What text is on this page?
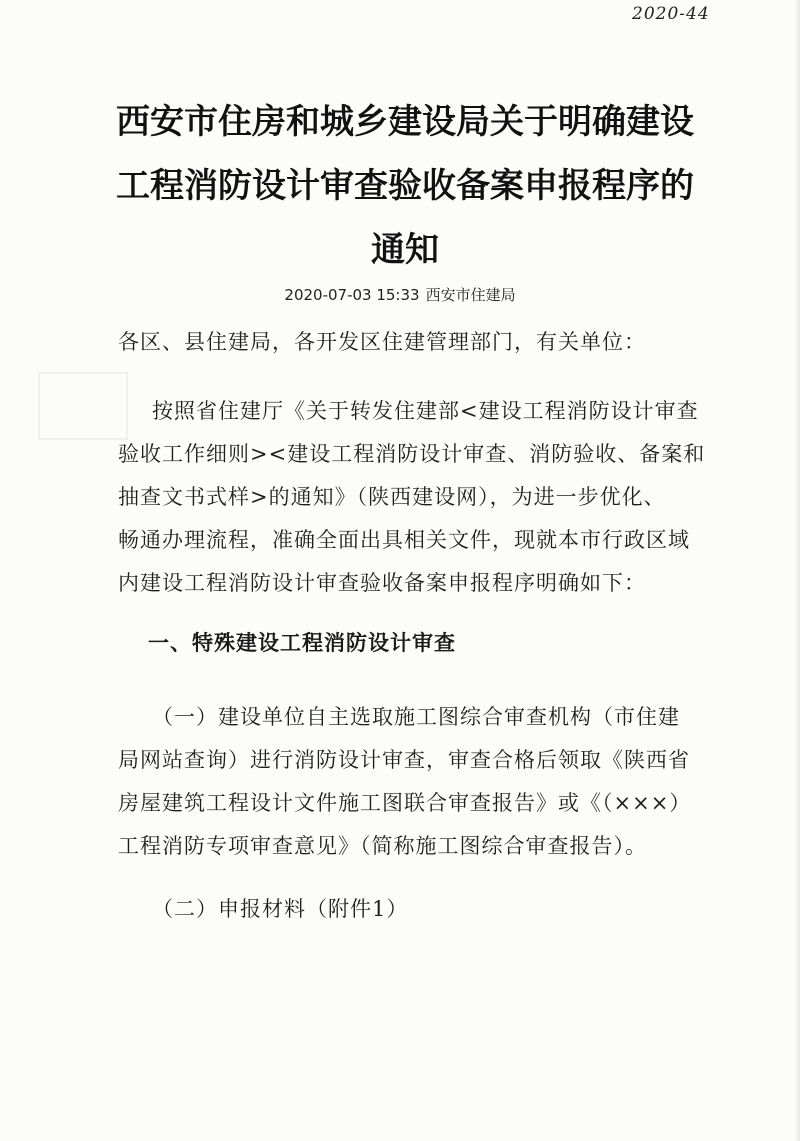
2020-44
西安市住房和城乡建设局关于明确建设
工程消防设计审查验收备案申报程序的
通知
2020-07-03 15:33 西安市住建局
各区、县住建局，各开发区住建管理部门，有关单位：
按照省住建厅《关于转发住建部<建设工程消防设计审查
验收工作细则><建设工程消防设计审查、消防验收、备案和
抽查文书式样>的通知》（陕西建设网），为进一步优化、
畅通办理流程，准确全面出具相关文件，现就本市行政区域
内建设工程消防设计审查验收备案申报程序明确如下：
一、特殊建设工程消防设计审查
（一）建设单位自主选取施工图综合审查机构（市住建
局网站查询）进行消防设计审查，审查合格后领取《陕西省
房屋建筑工程设计文件施工图联合审查报告》或《（×××）
工程消防专项审查意见》（简称施工图综合审查报告）。
（二）申报材料（附件1）
